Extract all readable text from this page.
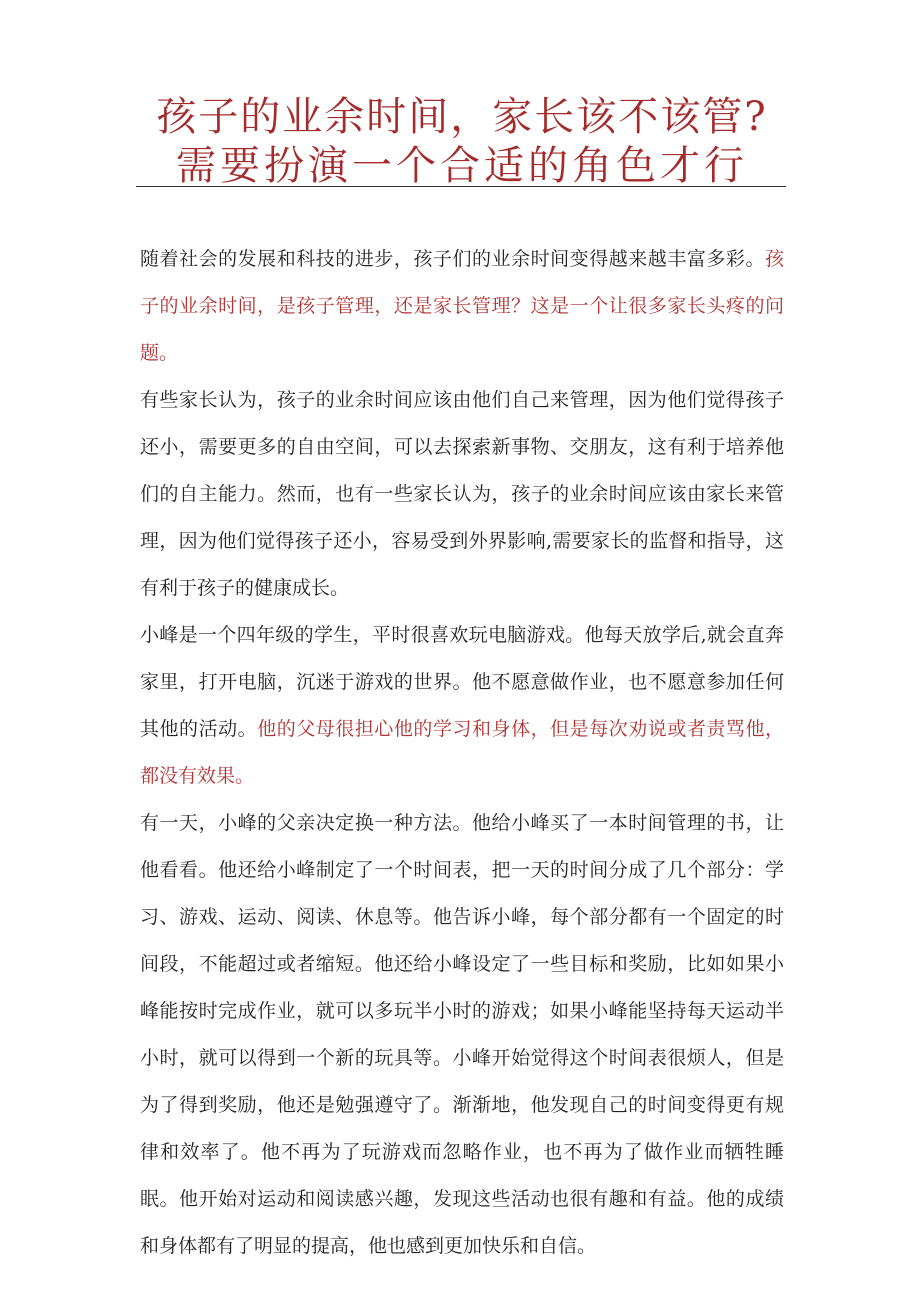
孩子的业余时间，家长该不该管?
需要扮演一个合适的角色才行

随着社会的发展和科技的进步，孩子们的业余时间变得越来越丰富多彩。孩子的业余时间，是孩子管理，还是家长管理？这是一个让很多家长头疼的问题。

有些家长认为，孩子的业余时间应该由他们自己来管理，因为他们觉得孩子还小，需要更多的自由空间，可以去探索新事物、交朋友，这有利于培养他们的自主能力。然而，也有一些家长认为，孩子的业余时间应该由家长来管理，因为他们觉得孩子还小，容易受到外界影响,需要家长的监督和指导，这有利于孩子的健康成长。

小峰是一个四年级的学生，平时很喜欢玩电脑游戏。他每天放学后,就会直奔家里，打开电脑，沉迷于游戏的世界。他不愿意做作业，也不愿意参加任何其他的活动。他的父母很担心他的学习和身体，但是每次劝说或者责骂他，都没有效果。

有一天，小峰的父亲决定换一种方法。他给小峰买了一本时间管理的书，让他看看。他还给小峰制定了一个时间表，把一天的时间分成了几个部分：学习、游戏、运动、阅读、休息等。他告诉小峰，每个部分都有一个固定的时间段，不能超过或者缩短。他还给小峰设定了一些目标和奖励，比如如果小峰能按时完成作业，就可以多玩半小时的游戏；如果小峰能坚持每天运动半小时，就可以得到一个新的玩具等。小峰开始觉得这个时间表很烦人，但是为了得到奖励，他还是勉强遵守了。渐渐地，他发现自己的时间变得更有规律和效率了。他不再为了玩游戏而忽略作业，也不再为了做作业而牺牲睡眠。他开始对运动和阅读感兴趣，发现这些活动也很有趣和有益。他的成绩和身体都有了明显的提高，他也感到更加快乐和自信。
